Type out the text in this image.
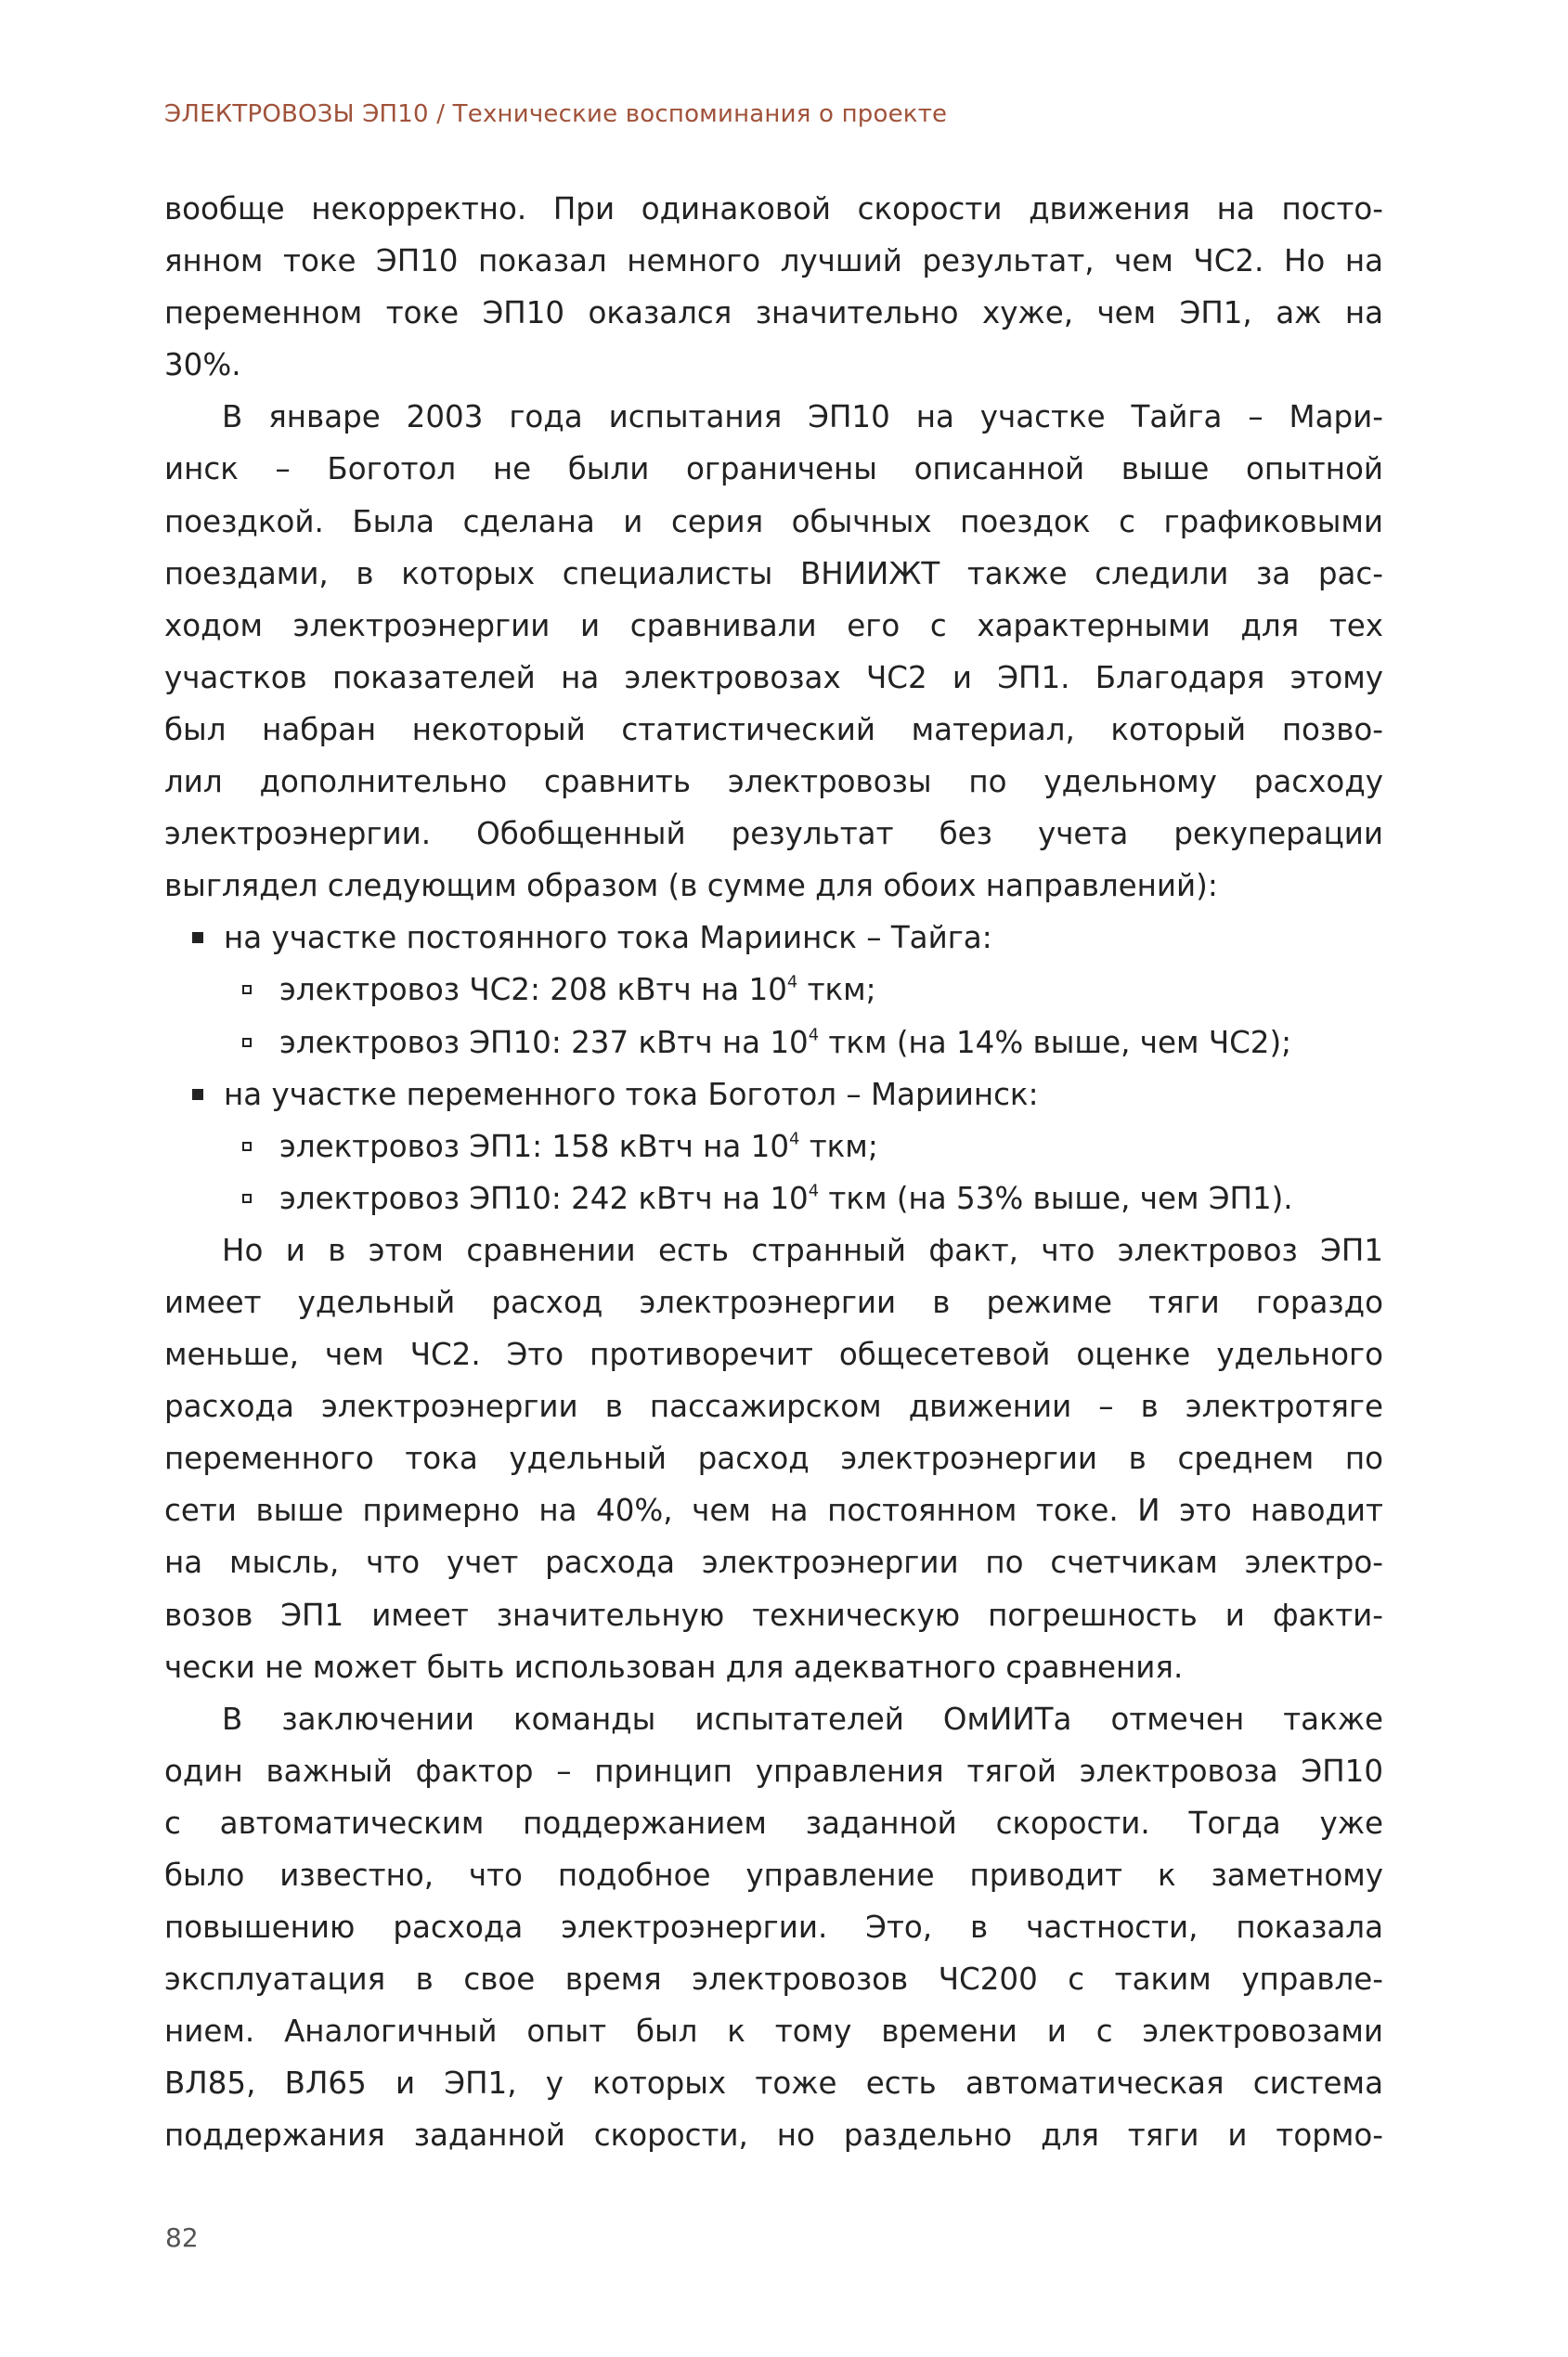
ЭЛЕКТРОВОЗЫ ЭП10 / Технические воспоминания о проекте
вообще некорректно. При одинаковой скорости движения на посто-
янном токе ЭП10 показал немного лучший результат, чем ЧС2. Но на
переменном токе ЭП10 оказался значительно хуже, чем ЭП1, аж на
30%.
В январе 2003 года испытания ЭП10 на участке Тайга – Мари-
инск – Боготол не были ограничены описанной выше опытной
поездкой. Была сделана и серия обычных поездок с графиковыми
поездами, в которых специалисты ВНИИЖТ также следили за рас-
ходом электроэнергии и сравнивали его с характерными для тех
участков показателей на электровозах ЧС2 и ЭП1. Благодаря этому
был набран некоторый статистический материал, который позво-
лил дополнительно сравнить электровозы по удельному расходу
электроэнергии. Обобщенный результат без учета рекуперации
выглядел следующим образом (в сумме для обоих направлений):
на участке постоянного тока Мариинск – Тайга:
электровоз ЧС2: 208 кВтч на $10^4$ ткм;
электровоз ЭП10: 237 кВтч на $10^4$ ткм (на 14% выше, чем ЧС2);
на участке переменного тока Боготол – Мариинск:
электровоз ЭП1: 158 кВтч на $10^4$ ткм;
электровоз ЭП10: 242 кВтч на $10^4$ ткм (на 53% выше, чем ЭП1).
Но и в этом сравнении есть странный факт, что электровоз ЭП1
имеет удельный расход электроэнергии в режиме тяги гораздо
меньше, чем ЧС2. Это противоречит общесетевой оценке удельного
расхода электроэнергии в пассажирском движении – в электротяге
переменного тока удельный расход электроэнергии в среднем по
сети выше примерно на 40%, чем на постоянном токе. И это наводит
на мысль, что учет расхода электроэнергии по счетчикам электро-
возов ЭП1 имеет значительную техническую погрешность и факти-
чески не может быть использован для адекватного сравнения.
В заключении команды испытателей ОмИИТа отмечен также
один важный фактор – принцип управления тягой электровоза ЭП10
с автоматическим поддержанием заданной скорости. Тогда уже
было известно, что подобное управление приводит к заметному
повышению расхода электроэнергии. Это, в частности, показала
эксплуатация в свое время электровозов ЧС200 с таким управле-
нием. Аналогичный опыт был к тому времени и с электровозами
ВЛ85, ВЛ65 и ЭП1, у которых тоже есть автоматическая система
поддержания заданной скорости, но раздельно для тяги и тормо-
82
